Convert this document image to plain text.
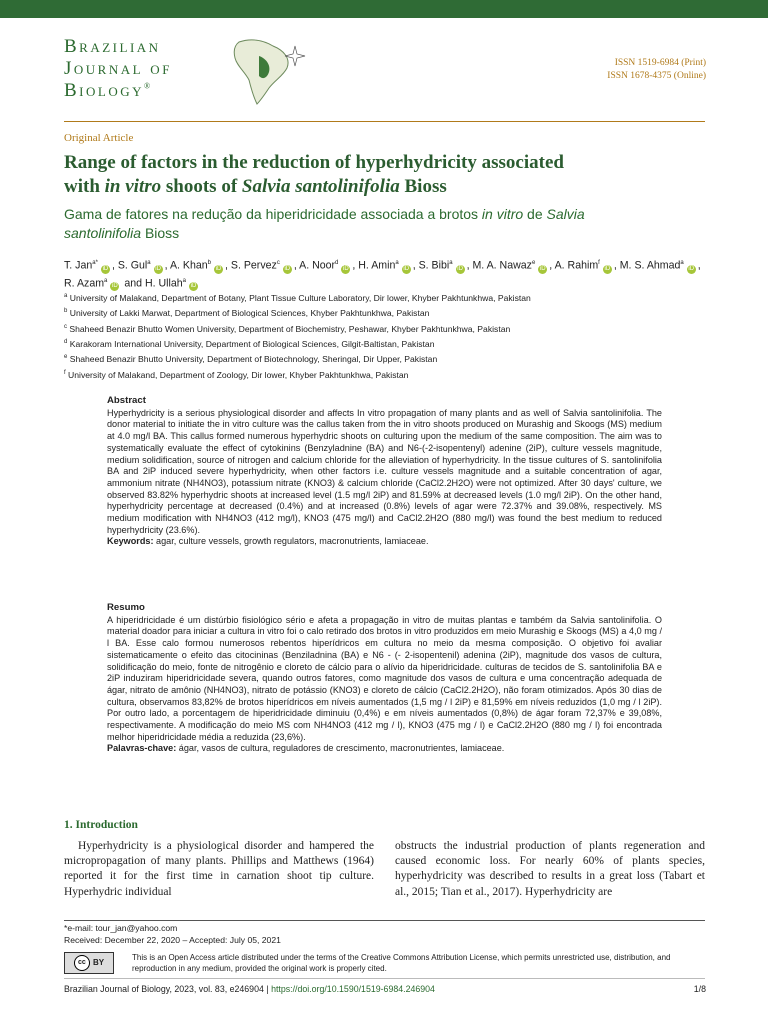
Brazilian
Journal of
Biology®
ISSN 1519-6984 (Print)
ISSN 1678-4375 (Online)
Original Article
Range of factors in the reduction of hyperhydricity associated
with in vitro shoots of Salvia santolinifolia Bioss
Gama de fatores na redução da hiperidricidade associada a brotos in vitro de Salvia
santolinifolia Bioss
T. Jan$^{a*}$iD , S. Gul$^a$iD , A. Khan$^b$iD , S. Pervez$^c$iD , A. Noor$^d$iD , H. Amin$^a$iD , S. Bibi$^a$iD , M. A. Nawaz$^e$iD , A. Rahim$^f$iD , M. S. Ahmad$^a$iD , R. Azam$^a$iD and H. Ullah$^a$iD
$^a$ University of Malakand, Department of Botany, Plant Tissue Culture Laboratory, Dir lower, Khyber Pakhtunkhwa, Pakistan
$^b$ University of Lakki Marwat, Department of Biological Sciences, Khyber Pakhtunkhwa, Pakistan
$^c$ Shaheed Benazir Bhutto Women University, Department of Biochemistry, Peshawar, Khyber Pakhtunkhwa, Pakistan
$^d$ Karakoram International University, Department of Biological Sciences, Gilgit-Baltistan, Pakistan
$^e$ Shaheed Benazir Bhutto University, Department of Biotechnology, Sheringal, Dir Upper, Pakistan
$^f$ University of Malakand, Department of Zoology, Dir lower, Khyber Pakhtunkhwa, Pakistan
Abstract

Hyperhydricity is a serious physiological disorder and affects In vitro propagation of many plants and as well of Salvia santolinifolia. The donor material to initiate the in vitro culture was the callus taken from the in vitro shoots produced on Murashig and Skoogs (MS) medium at 4.0 mg/l BA. This callus formed numerous hyperhydric shoots on culturing upon the medium of the same composition. The aim was to systematically evaluate the effect of cytokinins (Benzyladnine (BA) and N6-(-2-isopentenyl) adenine (2iP), culture vessels magnitude, medium solidification, source of nitrogen and calcium chloride for the alleviation of hyperhydricity. In the tissue cultures of S. santolinifolia BA and 2iP induced severe hyperhydricity, when other factors i.e. culture vessels magnitude and a suitable concentration of agar, ammonium nitrate (NH4NO3), potassium nitrate (KNO3) & calcium chloride (CaCl2.2H2O) were not optimized. After 30 days' culture, we observed 83.82% hyperhydric shoots at increased level (1.5 mg/l 2iP) and 81.59% at decreased levels (1.0 mg/l 2iP). On the other hand, hyperhydricity percentage at decreased (0.4%) and at increased (0.8%) levels of agar were 72.37% and 39.08%, respectively. MS medium modification with NH4NO3 (412 mg/l), KNO3 (475 mg/l) and CaCl2.2H2O (880 mg/l) was found the best medium to reduced hyperhydricity (23.6%).

Keywords: agar, culture vessels, growth regulators, macronutrients, lamiaceae.

Resumo

A hiperidricidade é um distúrbio fisiológico sério e afeta a propagação in vitro de muitas plantas e também da Salvia santolinifolia. O material doador para iniciar a cultura in vitro foi o calo retirado dos brotos in vitro produzidos em meio Murashig e Skoogs (MS) a 4,0 mg / l BA. Esse calo formou numerosos rebentos hiperídricos em cultura no meio da mesma composição. O objetivo foi avaliar sistematicamente o efeito das citocininas (Benziladnina (BA) e N6 - (- 2-isopentenil) adenina (2iP), magnitude dos vasos de cultura, solidificação do meio, fonte de nitrogênio e cloreto de cálcio para o alívio da hiperidricidade. culturas de tecidos de S. santolinifolia BA e 2iP induziram hiperidricidade severa, quando outros fatores, como magnitude dos vasos de cultura e uma concentração adequada de ágar, nitrato de amônio (NH4NO3), nitrato de potássio (KNO3) e cloreto de cálcio (CaCl2.2H2O), não foram otimizados. Após 30 dias de cultura, observamos 83,82% de brotos hiperídricos em níveis aumentados (1,5 mg / l 2iP) e 81,59% em níveis reduzidos (1,0 mg / l 2iP). Por outro lado, a porcentagem de hiperidricidade diminuiu (0,4%) e em níveis aumentados (0,8%) de ágar foram 72,37% e 39,08%, respectivamente. A modificação do meio MS com NH4NO3 (412 mg / l), KNO3 (475 mg / l) e CaCl2.2H2O (880 mg / l) foi encontrada melhor hiperidricidade média a reduzida (23,6%).

Palavras-chave: ágar, vasos de cultura, reguladores de crescimento, macronutrientes, lamiaceae.

1. Introduction
Hyperhydricity is a physiological disorder and hampered the micropropagation of many plants. Phillips and Matthews (1964) reported it for the first time in carnation shoot tip culture. Hyperhydric individual
obstructs the industrial production of plants regeneration and caused economic loss. For nearly 60% of plants species, hyperhydricity was described to results in a great loss (Tabart et al., 2015; Tian et al., 2017). Hyperhydricity are
*e-mail: tour_jan@yahoo.com
Received: December 22, 2020 – Accepted: July 05, 2021
cc BY
This is an Open Access article distributed under the terms of the Creative Commons Attribution License, which permits unrestricted use, distribution, and reproduction in any medium, provided the original work is properly cited.
Brazilian Journal of Biology, 2023, vol. 83, e246904 | https://doi.org/10.1590/1519-6984.246904	1/8
